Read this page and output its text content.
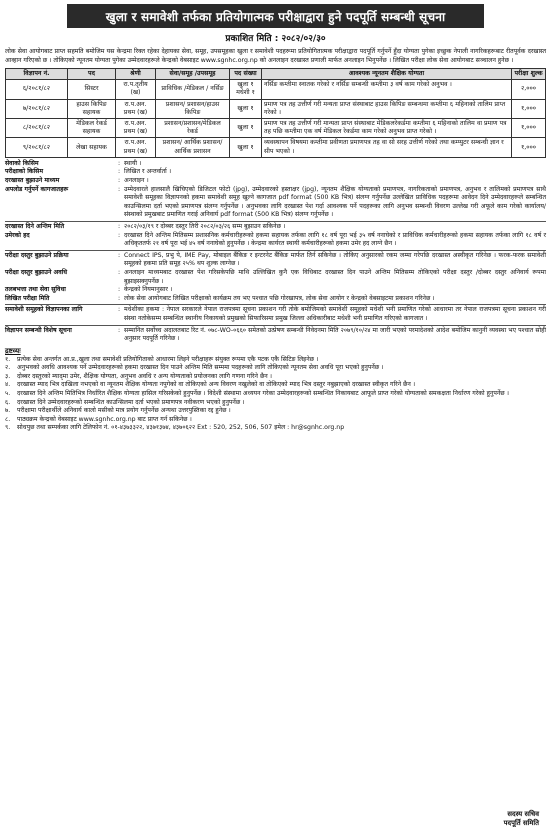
खुला र समावेशी तर्फका प्रतियोगात्मक परीक्षाद्वारा हुने पदपूर्ति सम्बन्धी सूचना
प्रकाशित मिति : २०८२/०२/३०
लोक सेवा आयोगबाट प्राप्त सहमति बमोजिम यस केन्द्रमा रिक्त रहेका देहायका सेवा, समूह, उपसमूहका खुला र समावेशी पदहरूमा प्रतियोगितात्मक परीक्षाद्वारा पदपूर्ति गर्नुपर्ने हुँदा योग्यता पुगेका इच्छुक नेपाली नागरिकहरूबाट रीतपूर्वक दरखास्त आव्हान गरिएको छ । तोकिएको न्यूनतम योग्यता पुगेका उम्मेदवारहरूले केन्द्रको वेबसाइट www.sgnhc.org.np को अनलाइन दरखास्त प्रणाली मार्फत अनलाइन भिनुपर्नेछ । लिखित परीक्षा लोक सेवा आयोगबाट सञ्चालन हुनेछ ।
विज्ञापन नं.	पद	श्रेणी	सेवा/समूह /उपसमूह	पद संख्या	आवश्यक न्यूनतम शैक्षिक योग्यता	परीक्षा शुल्क
६/२०८१/८२	सिस्टर	रा.प.तृतीय (ख)	प्राविधिक /मेडिकल / नर्सिङ	खुला १ मधेशी १	नर्सिङ कम्तीमा स्नातक गरेको र नर्सिङ सम्बन्धी कम्तीमा ३ वर्ष काम गरेको अनुभव ।	२,०००
७/२०८१/८२	हाउस किपिङ सहायक	रा.प.अन. प्रथम (ख)	प्रशासन/ प्रशासन/हाउस किपिङ	खुला १	प्रमाण पत्र तह उत्तीर्ण गरी मन्यता प्राप्त संस्थाबाट हाउस किपिङ सम्बन्धमा कम्तीमा ६ महिनाको तालिम प्राप्त गरेको ।	१,०००
८/२०८१/८२	मेडिकल रेकर्ड सहायक	रा.प.अन. प्रथम (ख)	प्रशासन/प्रशासन/मेडिकल रेकर्ड	खुला १	प्रमाण पत्र तह उत्तीर्ण गरी मान्यता प्राप्त संस्थाबाट मेडिकलरेकर्डमा कम्तीमा ६ महिनाको तालिम वा प्रमाण पत्र तह पछि कम्तीमा एक वर्ष मेडिकल रेकर्डमा काम गरेको अनुभव प्राप्त गरेको ।	१,०००
९/२०८१/८२	लेखा सहायक	रा.प.अन. प्रथम (ख)	प्रशासन/ आर्थिक प्रशासन/ आर्थिक प्रशासन	खुला १	व्यवस्थापन विषयमा कम्तीमा प्रवीणता प्रमाणपत्र तह वा सो सरह उत्तीर्ण गरेको तथा कम्प्युटर सम्बन्धी ज्ञान र सीप भएको ।	१,०००
सेवाको किसिम	: स्थायी ।
परीक्षाको किसिम	: लिखित र अन्तर्वार्ता ।
दरखास्त बुझाउने माध्यम	: अनलाइन ।
अपलोड गर्नुपर्ने कागजातहरू	: उम्मेदवारले हालसालै खिचिएको डिजिटल फोटो (jpg), उम्मेदवारको हस्ताक्षर (jpg), न्यूनतम शैक्षिक योग्यताको प्रमाणपत्र, नागरिकताको प्रमाणपत्र, अनुभव र तालिमको प्रमाणपत्र साथै समावेशी समूहका विज्ञापनको हकमा समावेशी समूह खुल्ने कागजात pdf format (500 KB भित्र) संलग्न गर्नुपर्नेछ उल्लेखित प्राविधिक पदहरूमा आवेदन दिने उम्मेदवारहरूले सम्बन्धित काउन्सिलमा दर्ता भएको प्रमाणपत्र संलग्न गर्नुपर्नेछ । अनुभवका लागि दरखास्त पेश गर्दा आवश्यक पर्ने पदहरूका लागि अनुभव सम्बन्धी विवरण उल्लेख गरी अफूले काम गरेको कार्यालय/संस्थाको प्रमुखबाट प्रमाणित गराई अनिवार्य pdf format (500 KB भित्र) संलग्न गर्नुपर्नेछ ।
दरखास्त दिने अन्तिम मिति	: २०८२/०३/१९ र दोब्बर दस्तुर तिरी २०८२/०३/२६ सम्म बुझाउन सकिनेछ ।
उमेरको हद	: दरखास्त दिने अन्तिम मितिसम्म प्रशासनिक कर्मचारीहरूको हकमा सहायक तर्फका लागि १८ वर्ष पूरा भई ३५ वर्ष ननाघेको र प्राविधिक कर्मचारीहरूको हकमा सहायक तर्फका लागि १८ वर्ष र अधिकृततर्फ २१ वर्ष पूरा भई ४५ वर्ष ननाघेको हुनुपर्नेछ । केन्द्रमा कार्यरत स्थायी कर्मचारीहरूको हकमा उमेर हद लाग्ने छैन ।
परीक्षा दस्तुर बुझाउने प्रक्रिया	: Connect IPS, प्रभु पे, IME Pay, मोबाइल बैंकिङ र इन्टरनेट बैंकिङ मार्फत तिर्न सकिनेछ । तोकिए अनुसारको रकम जम्मा गरेपछि दरखास्त अस्वीकृत गरिनेछ । फरक-फरक समावेशी समूहको हकमा प्रति समूह २५% थप शुल्क लाग्नेछ ।
परीक्षा दस्तुर बुझाउने अवधि	: अनलाइन माध्यमबाट दरखास्त पेश गरिसकेपछि माथि उल्लिखित कुनै एक विधिबाट दरखास्त दिन पाउने अन्तिम मितिसम्म तोकिएको परीक्षा दस्तुर /दोब्बर दस्तुर अनिवार्य रूपमा बुझाइसक्नुपर्नेछ ।
तलबभत्ता तथा सेवा सुविधा	: केन्द्रको नियमानुसार ।
लिखित परीक्षा मिति	: लोक सेवा आयोगबाट लिखित परीक्षाको कार्यक्रम तय भए पश्चात पछि गोरखापत्र, लोक सेवा आयोग र केन्द्रको वेबसाइटमा प्रकाशन गरिनेछ ।
समावेशी समूहको विज्ञापनका लागि	: मधेशीका हकमा : नेपाल सरकारले नेपाल राजपत्रमा सूचना प्रकाशन गरी तोके बमोजिमको समावेशी समूहको मधेशी भनी प्रमाणित गरेको आधारमा तर नेपाल राजपत्रमा सूचना प्रकाशन गरी संस्था नतोकेसम्म सम्बन्धित स्थानीय निकायको प्रमुखको सिफारिसमा प्रमुख जिल्ला अधिकारीबाट मधेशी भनी प्रमाणित गरिएको कागजात ।
विज्ञापन सम्बन्धी विशेष सूचना	: सम्मानित सर्वोच्च अदालतबाट रिट नं. ०७८-WO-०६६० समेतको उत्प्रेषण सम्बन्धी निवेदनमा मिति २०७९/१०/२४ मा जारी भएको परमादेशको आदेश बमोजिम कानुनी व्यवस्था भए पश्चात सोही अनुसार पदपूर्ति गरिनेछ ।
द्रष्टव्यः
१.	प्रत्येक सेवा अन्तर्गत आ.प्र.,खुला तथा समावेशी प्रतियोगिताको आधारमा लिइने परीक्षाहरू संयुक्त रूपमा एकै पटक एकै सिटिङ लिइनेछ ।
२.	अनुभवको अवधि आवश्यक पर्ने उम्मेदवारहरूको हकमा दरखास्त दिन पाउने अन्तिम मिति सम्ममा पदहरूको लागि तोकिएको न्यूनतम सेवा अवधि पूरा भएको हुनुपर्नेछ ।
३.	दोब्बर दस्तुरको म्याद्‌मा उमेर, शैक्षिक योग्यता, अनुभव अवधि र अन्य योग्यताको प्रयोजनका लागि गणना गरिने छैन ।
४.	दरखास्त म्याद भित्र दाखिला नभएको वा न्यूनतम शैक्षिक योग्यता नपुगेको वा तोकिएको अन्य विवरण नखुलेको वा तोकिएको म्याद भित्र दस्तुर नबुझाएको दरखास्त स्वीकृत गरिने छैन ।
५.	दरखास्त दिने अन्तिम मितिभित्र निर्धारित शैक्षिक योग्यता हासिल गरिसकेको हुनुपर्नेछ । विदेशी संस्थामा अध्ययन गरेका उम्मेदवारहरूको सम्बन्धित निकायबाट आफूले प्राप्त गरेको योग्यताको समकक्षता निर्धारण गरेको हुनुपर्नेछ ।
६.	दरखास्त दिने उम्मेदवारहरूको सम्बन्धित काउन्सिलमा दर्ता भएको प्रमाणपत्र नवीकरण भएको हुनुपर्नेछ ।
७.	परीक्षामा परीक्षार्थीले अनिवार्य कालो मसीको मात्र प्रयोग गर्नुपर्नेछ अन्यथा उत्तरपुस्तिका रद्द हुनेछ ।
८.	पाठ्यक्रम केन्द्रको वेबसाइट www.sgnhc.org.np बाट प्राप्त गर्न सकिनेछ ।
९.	सोधपुछ तथा सम्पर्कका लागि टेलिफोन नं. ०१-४३७३३२२, ४३७१३७४, ४३७०६२२ Ext : 520, 252, 506, 507 इमेल : hr@sgnhc.org.np
सदस्य सचिव
पदपूर्ति समिति
